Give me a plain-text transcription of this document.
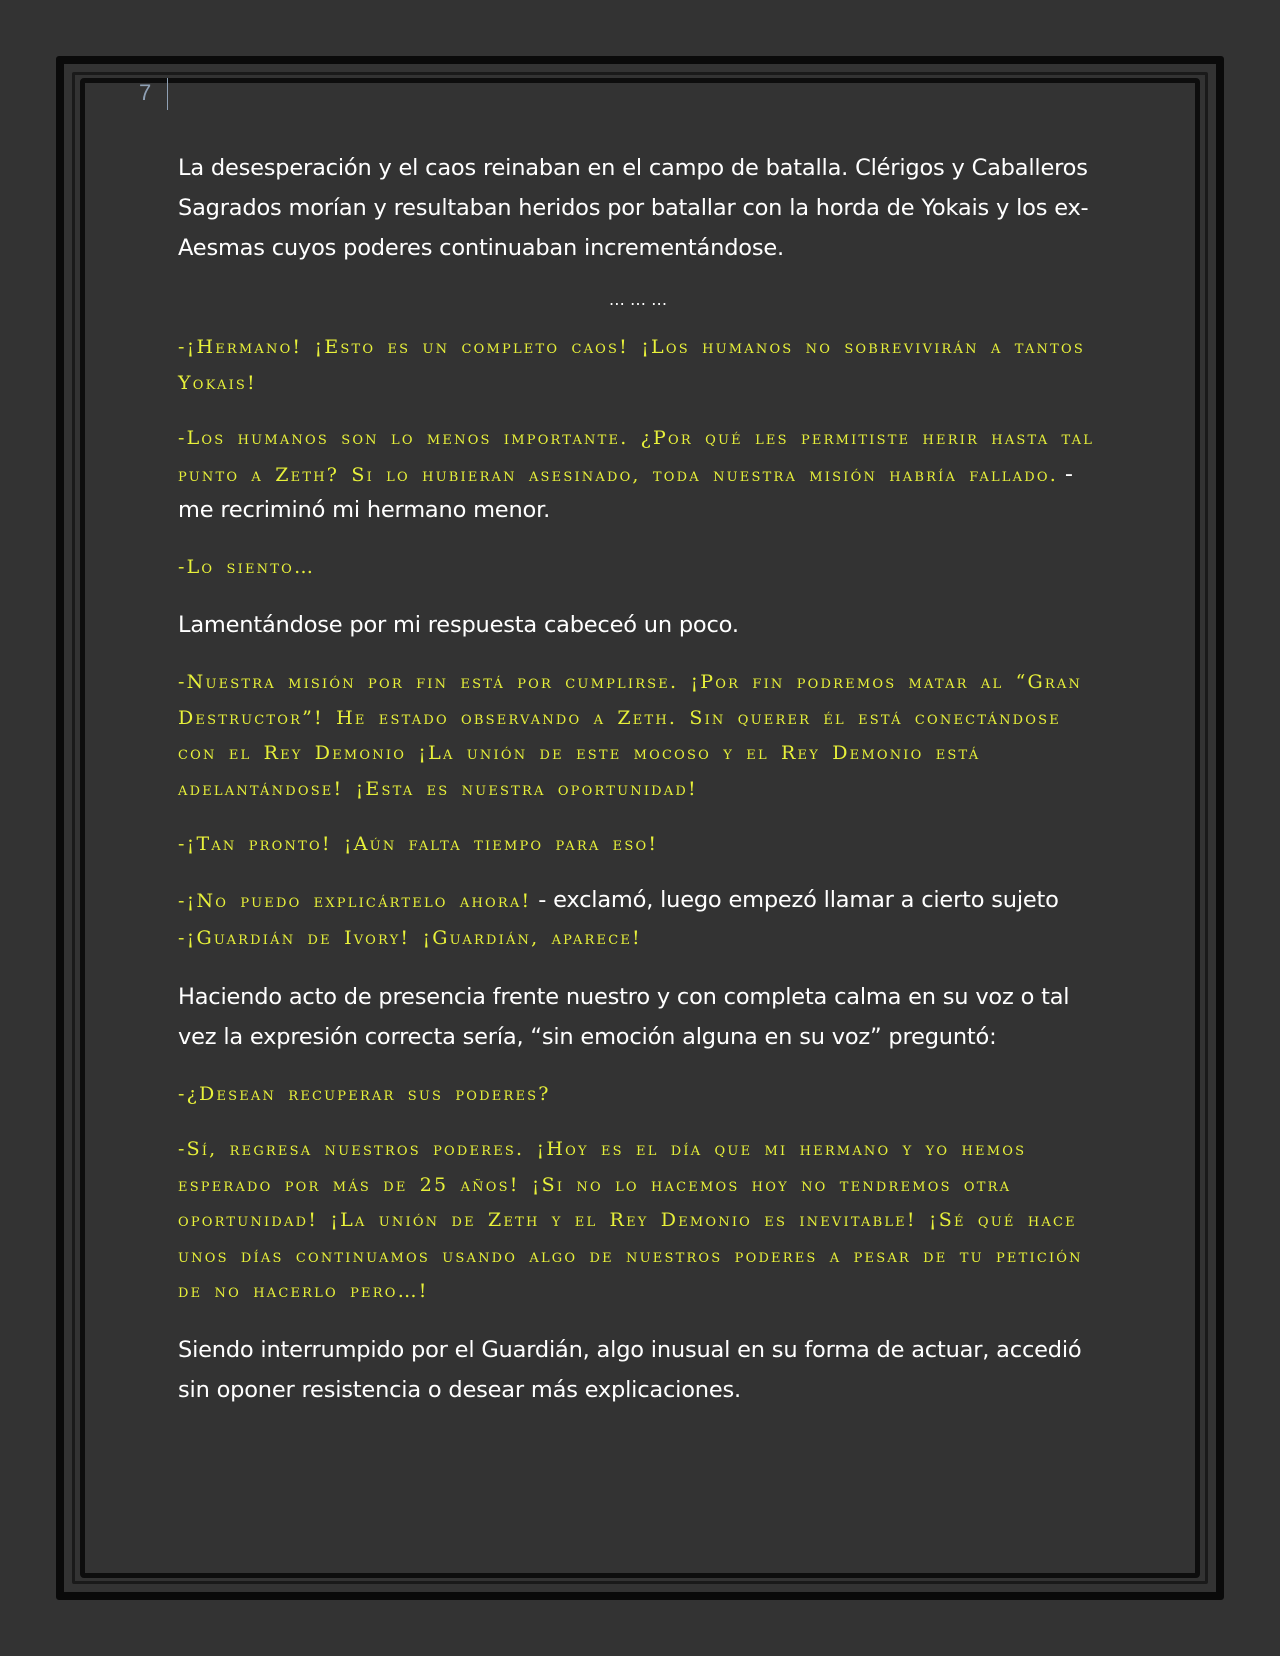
7

La desesperación y el caos reinaban en el campo de batalla. Clérigos y Caballeros Sagrados morían y resultaban heridos por batallar con la horda de Yokais y los ex-Aesmas cuyos poderes continuaban incrementándose.

… … …

-¡Hermano! ¡Esto es un completo caos! ¡Los humanos no sobrevivirán a tantos Yokais!

-Los humanos son lo menos importante. ¿Por qué les permitiste herir hasta tal punto a Zeth? Si lo hubieran asesinado, toda nuestra misión habría fallado. - me recriminó mi hermano menor.

-Lo siento…

Lamentándose por mi respuesta cabeceó un poco.

-Nuestra misión por fin está por cumplirse. ¡Por fin podremos matar al “Gran Destructor”! He estado observando a Zeth. Sin querer él está conectándose con el Rey Demonio ¡La unión de este mocoso y el Rey Demonio está adelantándose! ¡Esta es nuestra oportunidad!

-¡Tan pronto! ¡Aún falta tiempo para eso!

-¡No puedo explicártelo ahora! - exclamó, luego empezó llamar a cierto sujeto

-¡Guardián de Ivory! ¡Guardián, aparece!

Haciendo acto de presencia frente nuestro y con completa calma en su voz o tal vez la expresión correcta sería, “sin emoción alguna en su voz” preguntó:

-¿Desean recuperar sus poderes?

-Sí, regresa nuestros poderes. ¡Hoy es el día que mi hermano y yo hemos esperado por más de 25 años! ¡Si no lo hacemos hoy no tendremos otra oportunidad! ¡La unión de Zeth y el Rey Demonio es inevitable! ¡Sé qué hace unos días continuamos usando algo de nuestros poderes a pesar de tu petición de no hacerlo pero…!

Siendo interrumpido por el Guardián, algo inusual en su forma de actuar, accedió sin oponer resistencia o desear más explicaciones.
